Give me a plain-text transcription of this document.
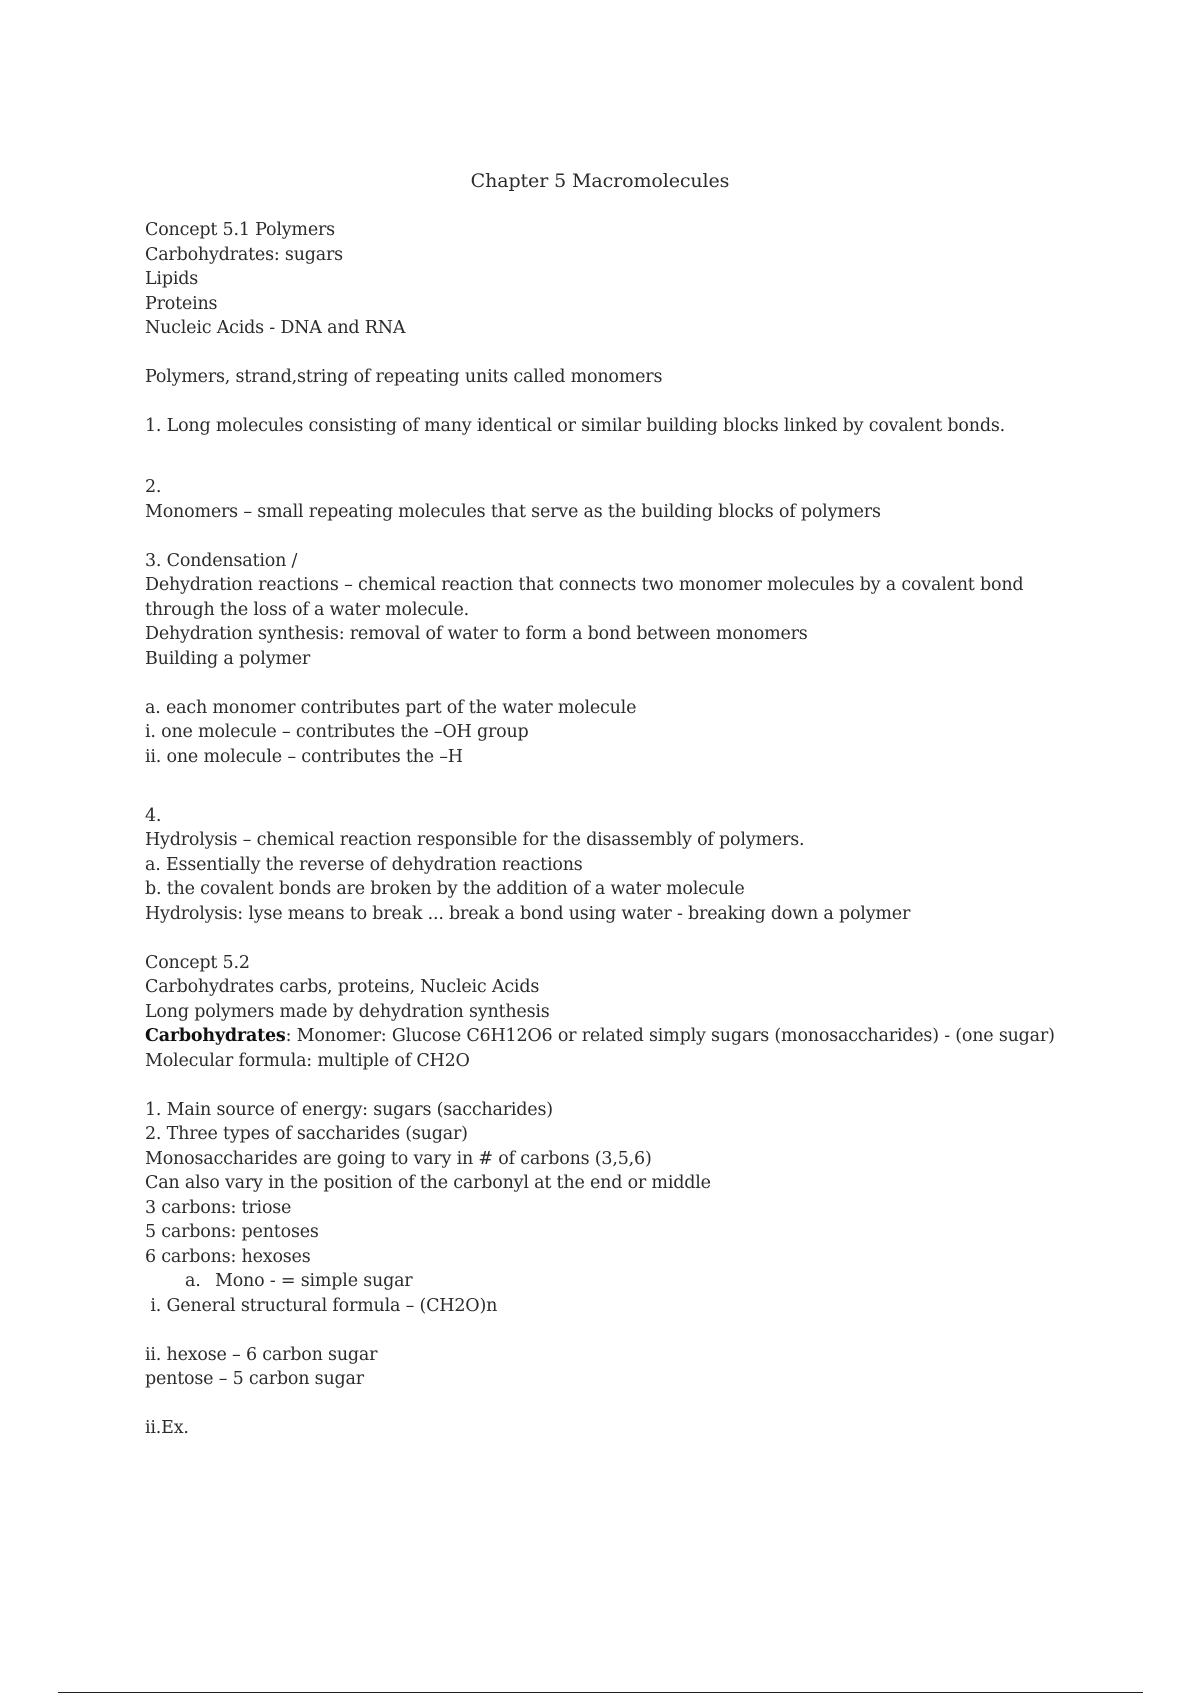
Chapter 5 Macromolecules
Concept 5.1 Polymers
Carbohydrates: sugars
Lipids
Proteins
Nucleic Acids - DNA and RNA
Polymers, strand,string of repeating units called monomers
1. Long molecules consisting of many identical or similar building blocks linked by covalent bonds.
2.
Monomers – small repeating molecules that serve as the building blocks of polymers
3. Condensation /
Dehydration reactions – chemical reaction that connects two monomer molecules by a covalent bond through the loss of a water molecule.
Dehydration synthesis: removal of water to form a bond between monomers
Building a polymer
a. each monomer contributes part of the water molecule
i. one molecule – contributes the –OH group
ii. one molecule – contributes the –H
4.
Hydrolysis – chemical reaction responsible for the disassembly of polymers.
a. Essentially the reverse of dehydration reactions
b. the covalent bonds are broken by the addition of a water molecule
Hydrolysis: lyse means to break ... break a bond using water - breaking down a polymer
Concept 5.2
Carbohydrates carbs, proteins, Nucleic Acids
Long polymers made by dehydration synthesis
Carbohydrates: Monomer: Glucose C6H12O6 or related simply sugars (monosaccharides) - (one sugar)
Molecular formula: multiple of CH2O
1. Main source of energy: sugars (saccharides)
2. Three types of saccharides (sugar)
Monosaccharides are going to vary in # of carbons (3,5,6)
Can also vary in the position of the carbonyl at the end or middle
3 carbons: triose
5 carbons: pentoses
6 carbons: hexoses
a. Mono - = simple sugar
i. General structural formula – (CH2O)n
ii. hexose – 6 carbon sugar
pentose – 5 carbon sugar
ii.Ex.
